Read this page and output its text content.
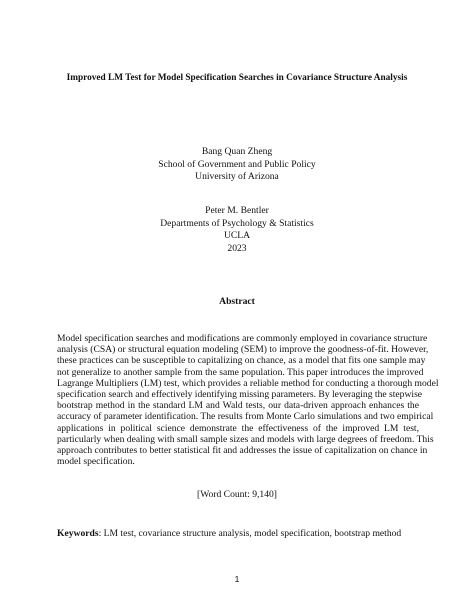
Improved LM Test for Model Specification Searches in Covariance Structure Analysis
Bang Quan Zheng
School of Government and Public Policy
University of Arizona
Peter M. Bentler
Departments of Psychology & Statistics
UCLA
2023
Abstract
Model specification searches and modifications are commonly employed in covariance structure
analysis (CSA) or structural equation modeling (SEM) to improve the goodness-of-fit. However,
these practices can be susceptible to capitalizing on chance, as a model that fits one sample may
not generalize to another sample from the same population. This paper introduces the improved
Lagrange Multipliers (LM) test, which provides a reliable method for conducting a thorough model
specification search and effectively identifying missing parameters. By leveraging the stepwise
bootstrap method in the standard LM and Wald tests, our data-driven approach enhances the
accuracy of parameter identification. The results from Monte Carlo simulations and two empirical
applications in political science demonstrate the effectiveness of the improved LM test,
particularly when dealing with small sample sizes and models with large degrees of freedom. This
approach contributes to better statistical fit and addresses the issue of capitalization on chance in
model specification.
[Word Count: 9,140]
Keywords: LM test, covariance structure analysis, model specification, bootstrap method
1
